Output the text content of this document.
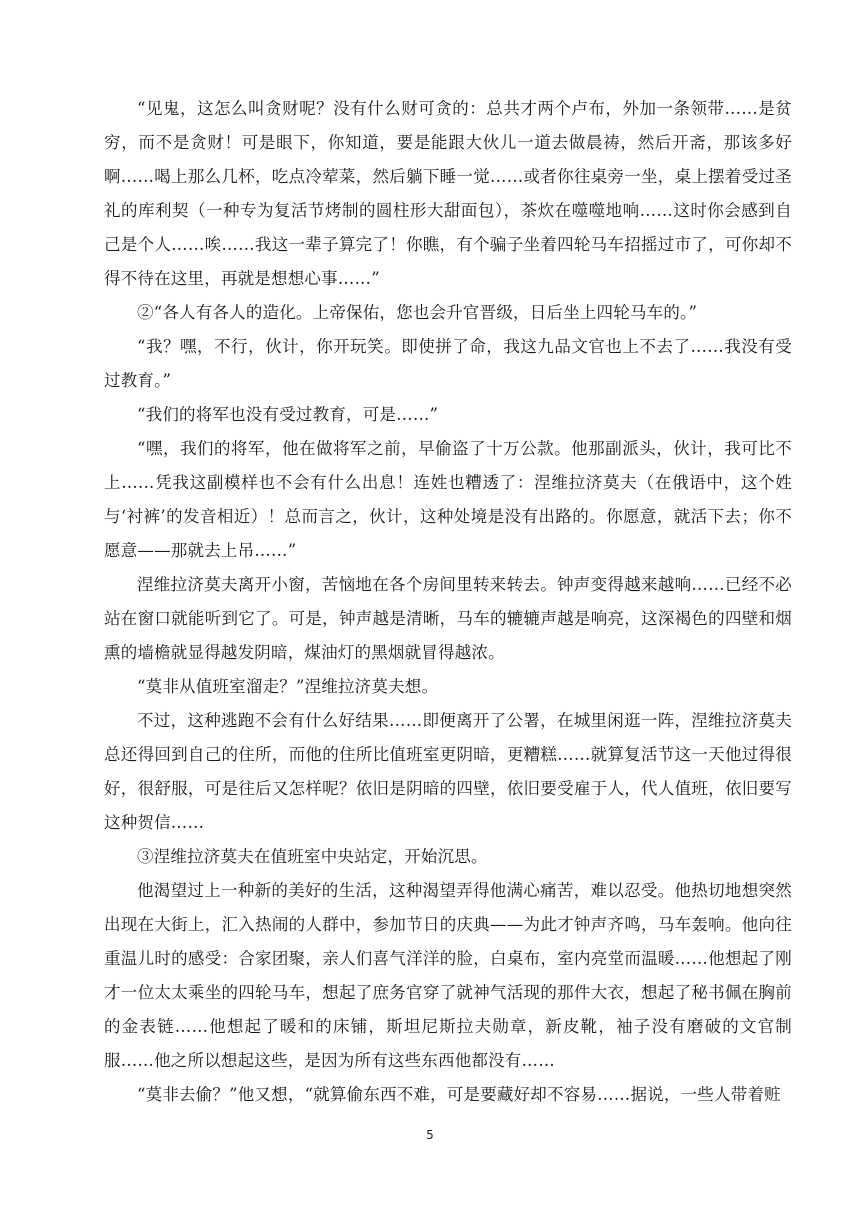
“见鬼，这怎么叫贪财呢？没有什么财可贪的：总共才两个卢布，外加一条领带……是贫穷，而不是贪财！可是眼下，你知道，要是能跟大伙儿一道去做晨祷，然后开斋，那该多好啊……喝上那么几杯，吃点冷荤菜，然后躺下睡一觉……或者你往桌旁一坐，桌上摆着受过圣礼的库利契（一种专为复活节烤制的圆柱形大甜面包），茶炊在噬噬地响……这时你会感到自己是个人……唉……我这一辈子算完了！你瞧，有个骗子坐着四轮马车招摇过市了，可你却不得不待在这里，再就是想想心事……”

②“各人有各人的造化。上帝保佑，您也会升官晋级，日后坐上四轮马车的。”

“我？嘿，不行，伙计，你开玩笑。即使拼了命，我这九品文官也上不去了……我没有受过教育。”

“我们的将军也没有受过教育，可是……”

“嘿，我们的将军，他在做将军之前，早偷盗了十万公款。他那副派头，伙计，我可比不上……凭我这副模样也不会有什么出息！连姓也糟透了：涅维拉济莫夫（在俄语中，这个姓与‘衬裤’的发音相近）！总而言之，伙计，这种处境是没有出路的。你愿意，就活下去；你不愿意——那就去上吊……”

涅维拉济莫夫离开小窗，苦恼地在各个房间里转来转去。钟声变得越来越响……已经不必站在窗口就能听到它了。可是，钟声越是清晰，马车的辘辘声越是响亮，这深褐色的四壁和烟熏的墙檐就显得越发阴暗，煤油灯的黑烟就冒得越浓。

“莫非从值班室溜走？”涅维拉济莫夫想。

不过，这种逃跑不会有什么好结果……即便离开了公署，在城里闲逛一阵，涅维拉济莫夫总还得回到自己的住所，而他的住所比值班室更阴暗，更糟糕……就算复活节这一天他过得很好，很舒服，可是往后又怎样呢？依旧是阴暗的四壁，依旧要受雇于人，代人值班，依旧要写这种贺信……

③涅维拉济莫夫在值班室中央站定，开始沉思。

他渴望过上一种新的美好的生活，这种渴望弄得他满心痛苦，难以忍受。他热切地想突然出现在大街上，汇入热闹的人群中，参加节日的庆典——为此才钟声齐鸣，马车轰响。他向往重温儿时的感受：合家团聚，亲人们喜气洋洋的脸，白桌布，室内亮堂而温暖……他想起了刚才一位太太乘坐的四轮马车，想起了庶务官穿了就神气活现的那件大衣，想起了秘书佩在胸前的金表链……他想起了暖和的床铺，斯坦尼斯拉夫勋章，新皮靴，袖子没有磨破的文官制服……他之所以想起这些，是因为所有这些东西他都没有……

“莫非去偷？”他又想，“就算偷东西不难，可是要藏好却不容易……据说，一些人带着赃

5
